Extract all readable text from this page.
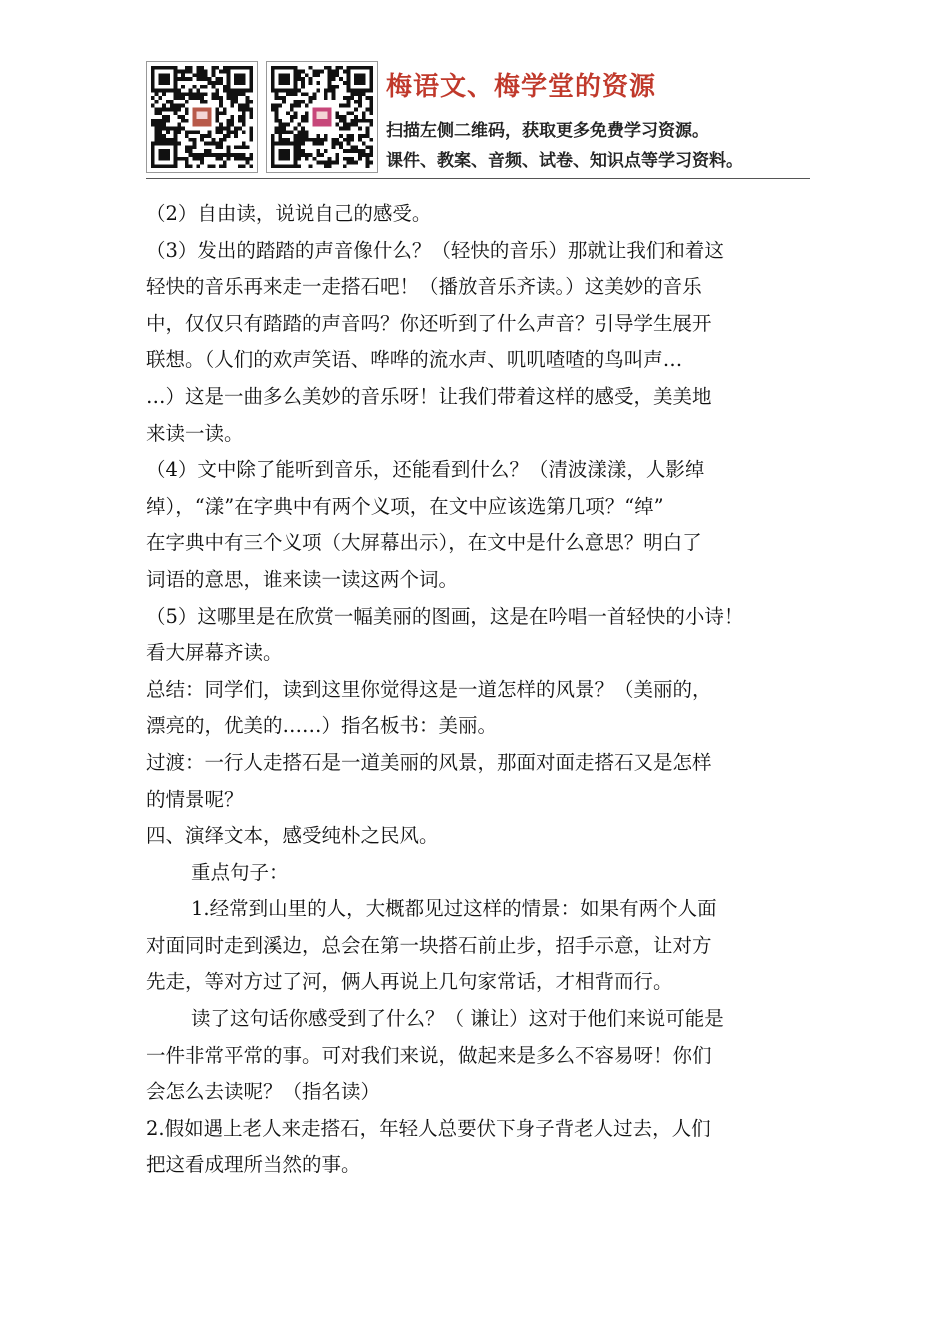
梅语文、梅学堂的资源
扫描左侧二维码，获取更多免费学习资源。
课件、教案、音频、试卷、知识点等学习资料。

（2）自由读，说说自己的感受。

（3）发出的踏踏的声音像什么？（轻快的音乐）那就让我们和着这

轻快的音乐再来走一走搭石吧！（播放音乐齐读。）这美妙的音乐

中，仅仅只有踏踏的声音吗？你还听到了什么声音？引导学生展开

联想。（人们的欢声笑语、哗哗的流水声、叽叽喳喳的鸟叫声…

…）这是一曲多么美妙的音乐呀！让我们带着这样的感受，美美地

来读一读。

（4）文中除了能听到音乐，还能看到什么？（清波漾漾，人影绰

绰），“漾”在字典中有两个义项，在文中应该选第几项？“绰”

在字典中有三个义项（大屏幕出示），在文中是什么意思？明白了

词语的意思，谁来读一读这两个词。

（5）这哪里是在欣赏一幅美丽的图画，这是在吟唱一首轻快的小诗！

看大屏幕齐读。

总结：同学们，读到这里你觉得这是一道怎样的风景？（美丽的，

漂亮的，优美的……）指名板书：美丽。

过渡：一行人走搭石是一道美丽的风景，那面对面走搭石又是怎样

的情景呢？

四、演绎文本，感受纯朴之民风。

重点句子：

1.经常到山里的人，大概都见过这样的情景：如果有两个人面

对面同时走到溪边，总会在第一块搭石前止步，招手示意，让对方

先走，等对方过了河，俩人再说上几句家常话，才相背而行。

读了这句话你感受到了什么？（ 谦让）这对于他们来说可能是

一件非常平常的事。可对我们来说，做起来是多么不容易呀！你们

会怎么去读呢？（指名读）

2.假如遇上老人来走搭石，年轻人总要伏下身子背老人过去，人们

把这看成理所当然的事。
